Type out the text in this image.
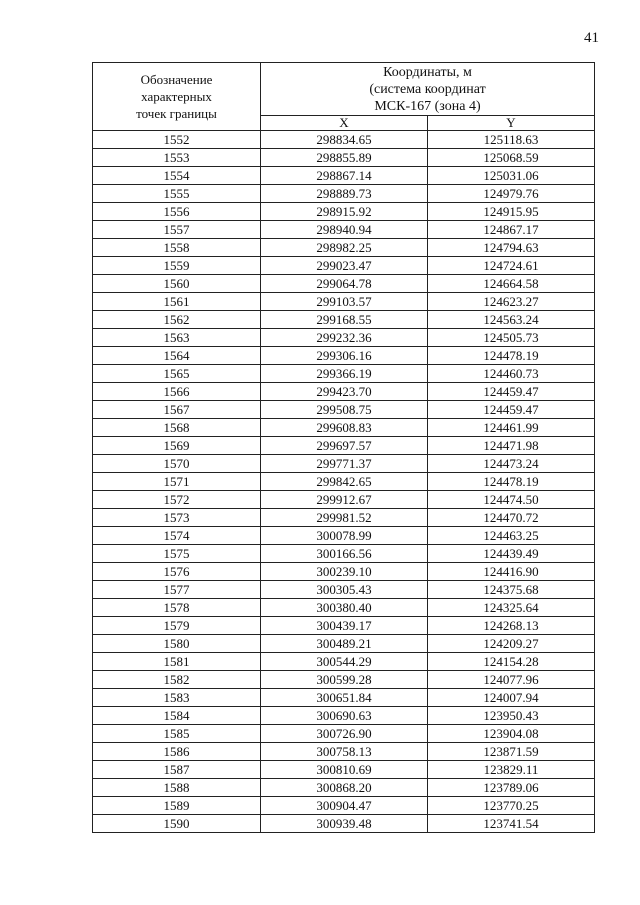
41
Обозначение
характерных
точек границы	Координаты, м
(система координат
МСК-167 (зона 4)	

	X	Y
1552	298834.65	125118.63
1553	298855.89	125068.59
1554	298867.14	125031.06
1555	298889.73	124979.76
1556	298915.92	124915.95
1557	298940.94	124867.17
1558	298982.25	124794.63
1559	299023.47	124724.61
1560	299064.78	124664.58
1561	299103.57	124623.27
1562	299168.55	124563.24
1563	299232.36	124505.73
1564	299306.16	124478.19
1565	299366.19	124460.73
1566	299423.70	124459.47
1567	299508.75	124459.47
1568	299608.83	124461.99
1569	299697.57	124471.98
1570	299771.37	124473.24
1571	299842.65	124478.19
1572	299912.67	124474.50
1573	299981.52	124470.72
1574	300078.99	124463.25
1575	300166.56	124439.49
1576	300239.10	124416.90
1577	300305.43	124375.68
1578	300380.40	124325.64
1579	300439.17	124268.13
1580	300489.21	124209.27
1581	300544.29	124154.28
1582	300599.28	124077.96
1583	300651.84	124007.94
1584	300690.63	123950.43
1585	300726.90	123904.08
1586	300758.13	123871.59
1587	300810.69	123829.11
1588	300868.20	123789.06
1589	300904.47	123770.25
1590	300939.48	123741.54
